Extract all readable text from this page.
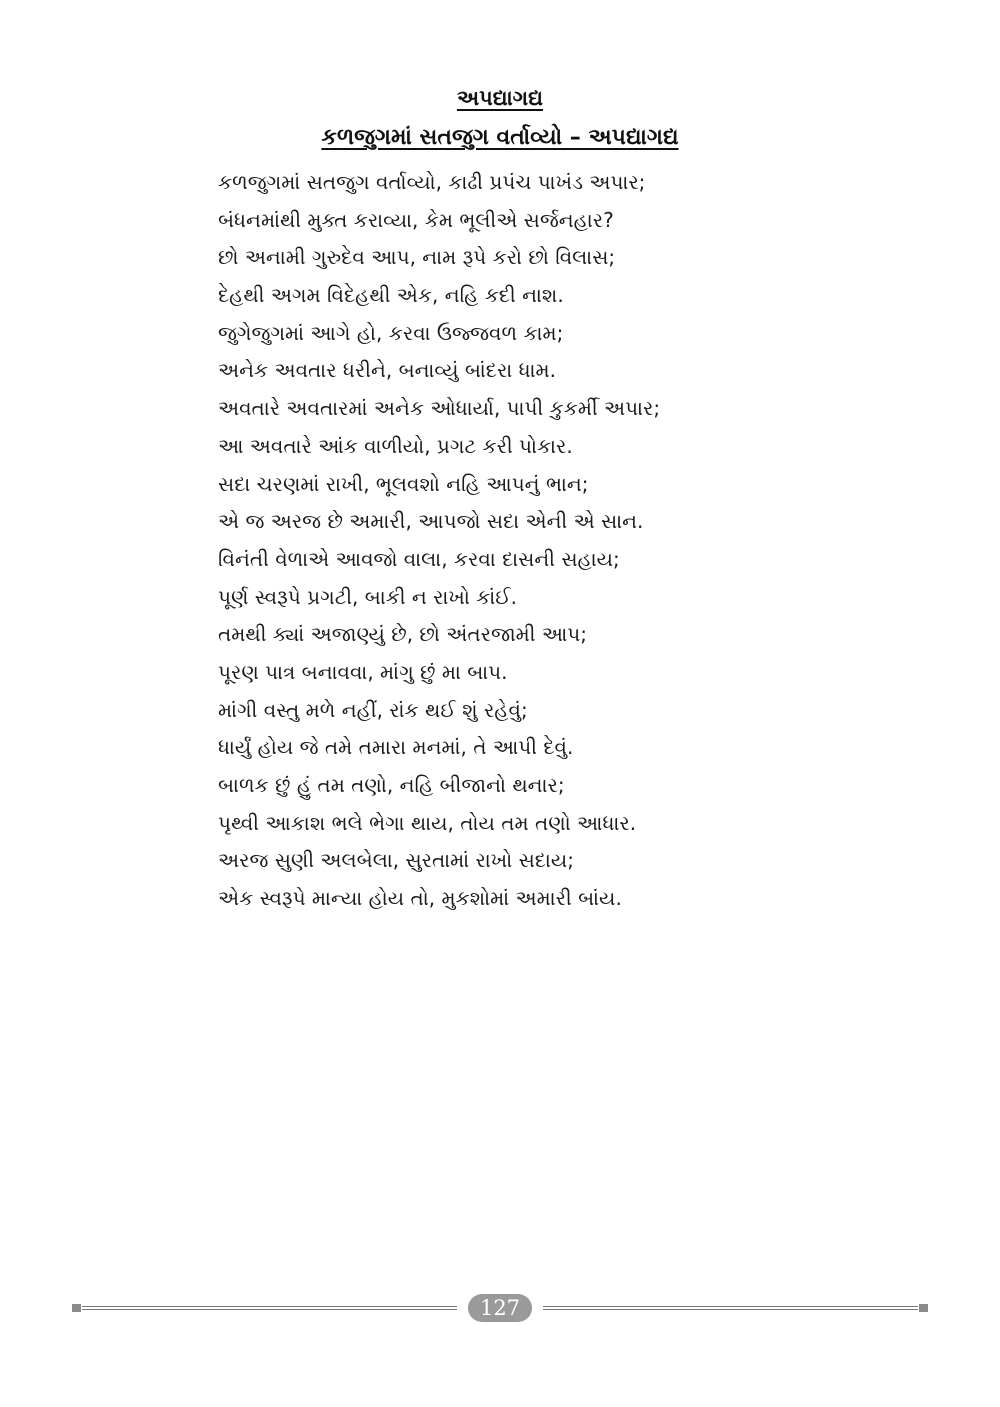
અપદ્યાગદ્ય
કળજુગમાં સતજુગ વર્તાવ્યો – અપદ્યાગદ્ય
કળજુગમાં સતજુગ વર્તાવ્યો, કાઢી પ્રપંચ પાખંડ અપાર;
બંધનમાંથી મુક્ત કરાવ્યા, કેમ ભૂલીએ સર્જનહાર?
છો અનામી ગુરુદેવ આપ, નામ રૂપે કરો છો વિલાસ;
દેહથી અગમ વિદેહથી એક, નહિ કદી નાશ.
જુગેજુગમાં આગે હો, કરવા ઉજ્જવળ કામ;
અનેક અવતાર ધરીને, બનાવ્યું બાંદરા ધામ.
અવતારે અવતારમાં અનેક ઓધાર્યા, પાપી કુકર્મી અપાર;
આ અવતારે આંક વાળીયો, પ્રગટ કરી પોકાર.
સદા ચરણમાં રાખી, ભૂલવશો નહિ આપનું ભાન;
એ જ અરજ છે અમારી, આપજો સદા એની એ સાન.
વિનંતી વેળાએ આવજો વાલા, કરવા દાસની સહાય;
પૂર્ણ સ્વરૂપે પ્રગટી, બાકી ન રાખો કાંઈ.
તમથી ક્યાં અજાણ્યું છે, છો અંતરજામી આપ;
પૂરણ પાત્ર બનાવવા, માંગુ છું મા બાપ.
માંગી વસ્તુ મળે નહીં, રાંક થઈ શું રહેવું;
ધાર્યું હોય જે તમે તમારા મનમાં, તે આપી દેવું.
બાળક છું હું તમ તણો, નહિ બીજાનો થનાર;
પૃથ્વી આકાશ ભલે ભેગા થાય, તોય તમ તણો આધાર.
અરજ સુણી અલબેલા, સુરતામાં રાખો સદાય;
એક સ્વરૂપે માન્યા હોય તો, મુકશોમાં અમારી બાંય.
127
